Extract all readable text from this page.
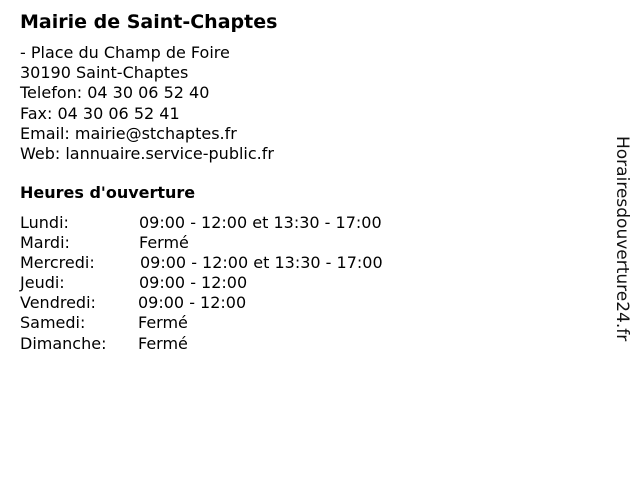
Mairie de Saint-Chaptes
- Place du Champ de Foire
30190 Saint-Chaptes
Telefon: 04 30 06 52 40
Fax: 04 30 06 52 41
Email: mairie@stchaptes.fr
Web: lannuaire.service-public.fr
Heures d'ouverture
Lundi:	09:00 - 12:00 et 13:30 - 17:00
Mardi:	Fermé
Mercredi:	09:00 - 12:00 et 13:30 - 17:00
Jeudi:	09:00 - 12:00
Vendredi:	09:00 - 12:00
Samedi:	Fermé
Dimanche: Fermé
Horairesdouverture24.fr
